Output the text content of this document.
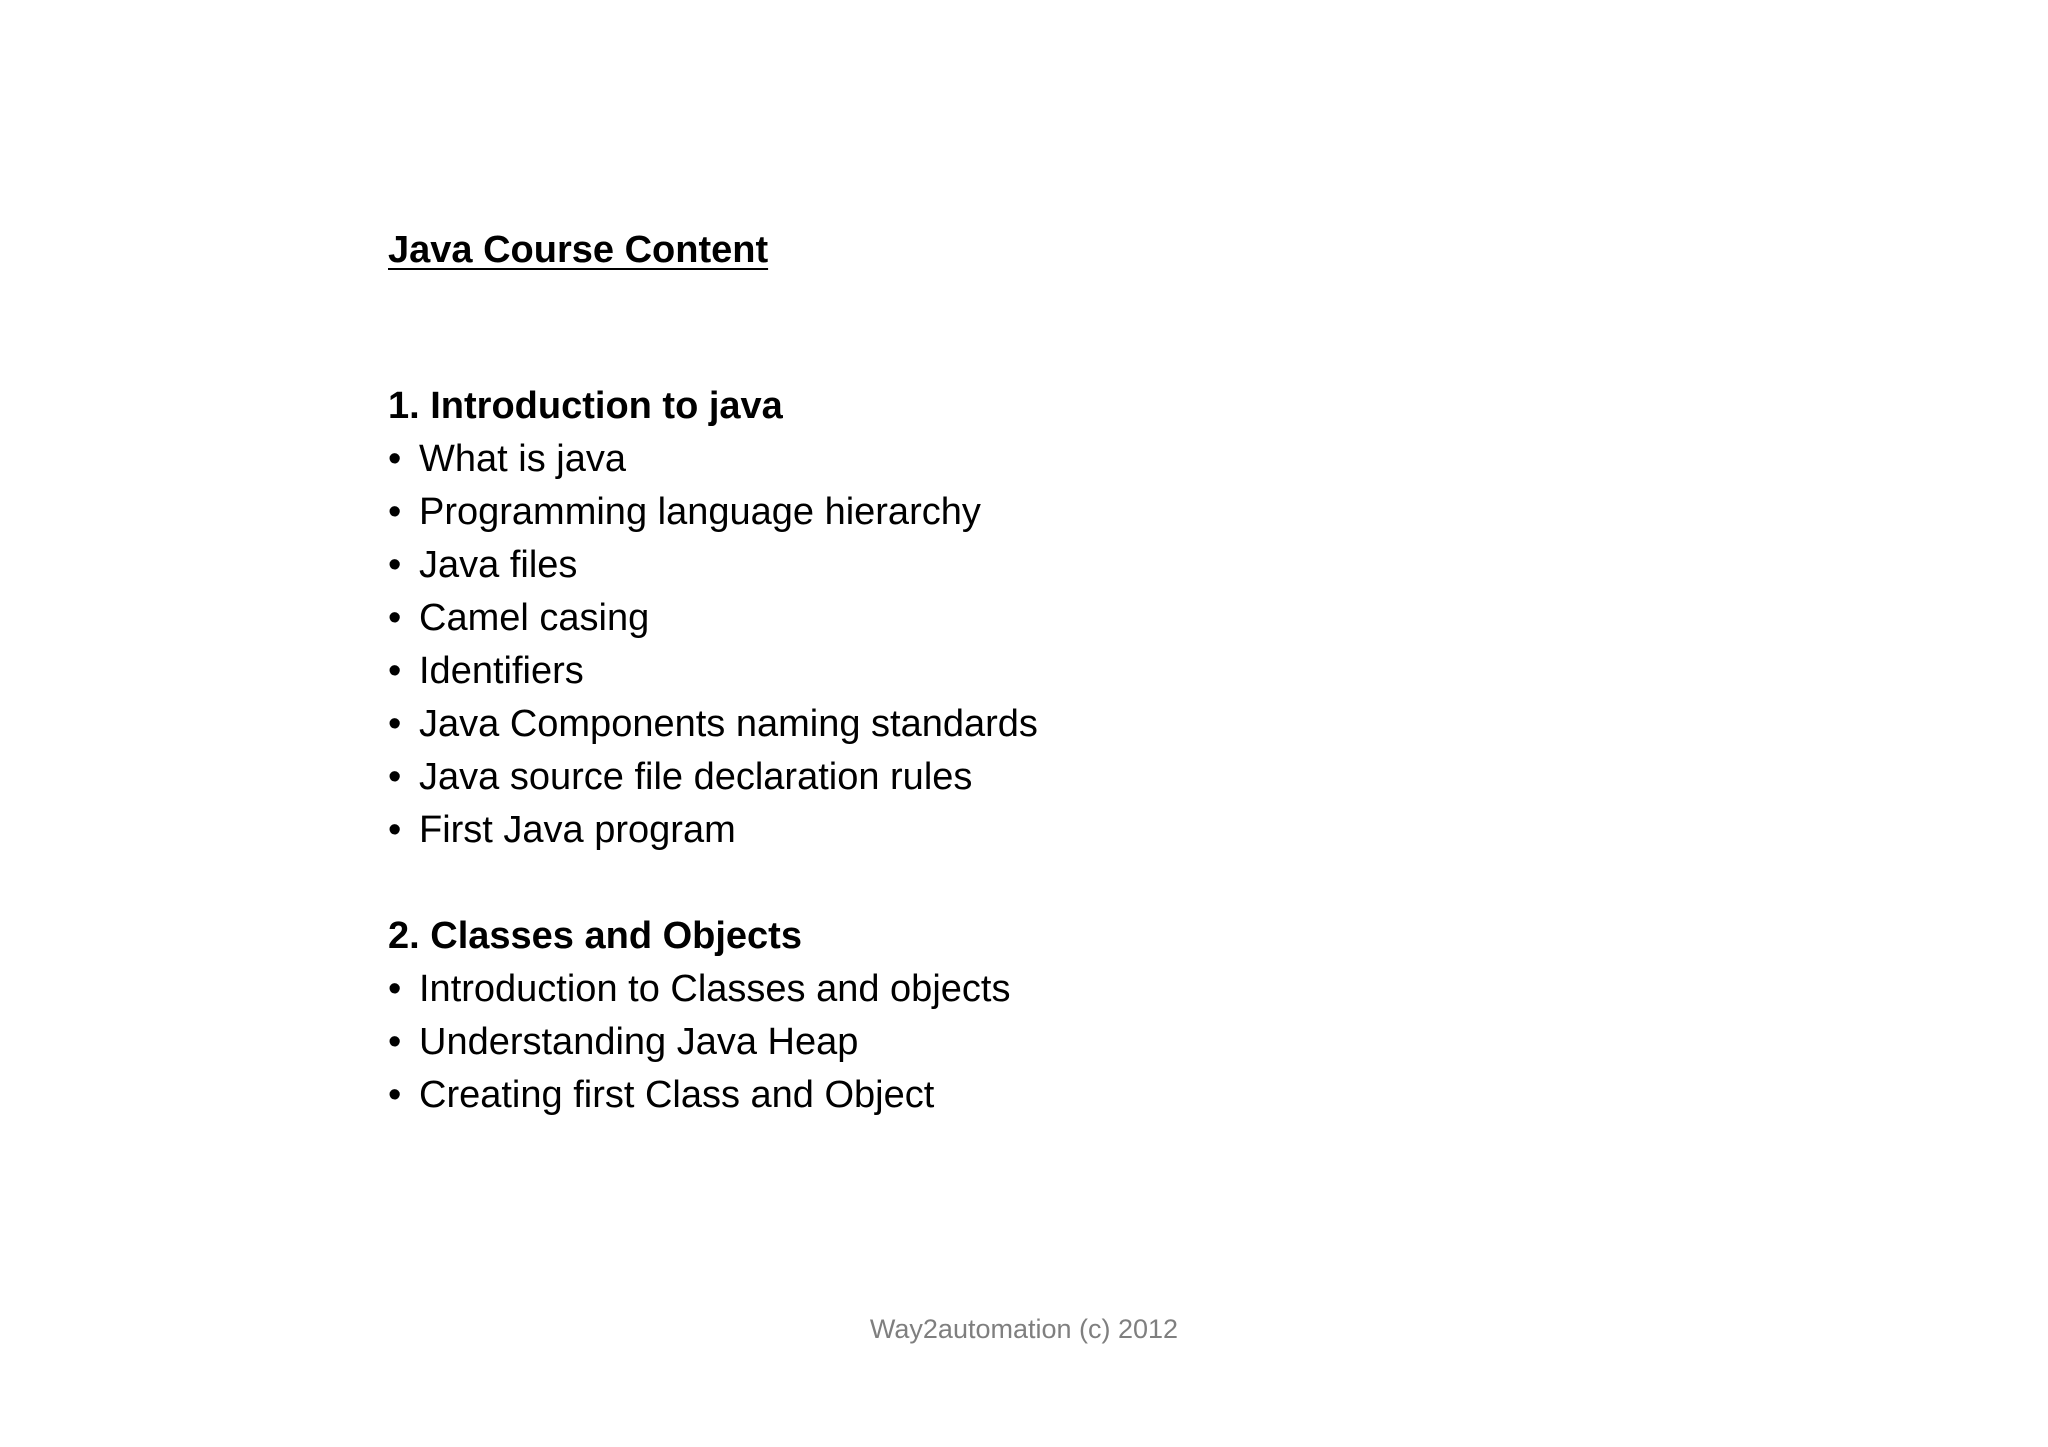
Java Course Content
1. Introduction to java
• What is java
• Programming language hierarchy
• Java files
• Camel casing
• Identifiers
• Java Components naming standards
• Java source file declaration rules
• First Java program
2. Classes and Objects
• Introduction to Classes and objects
• Understanding Java Heap
• Creating first Class and Object
Way2automation (c) 2012
